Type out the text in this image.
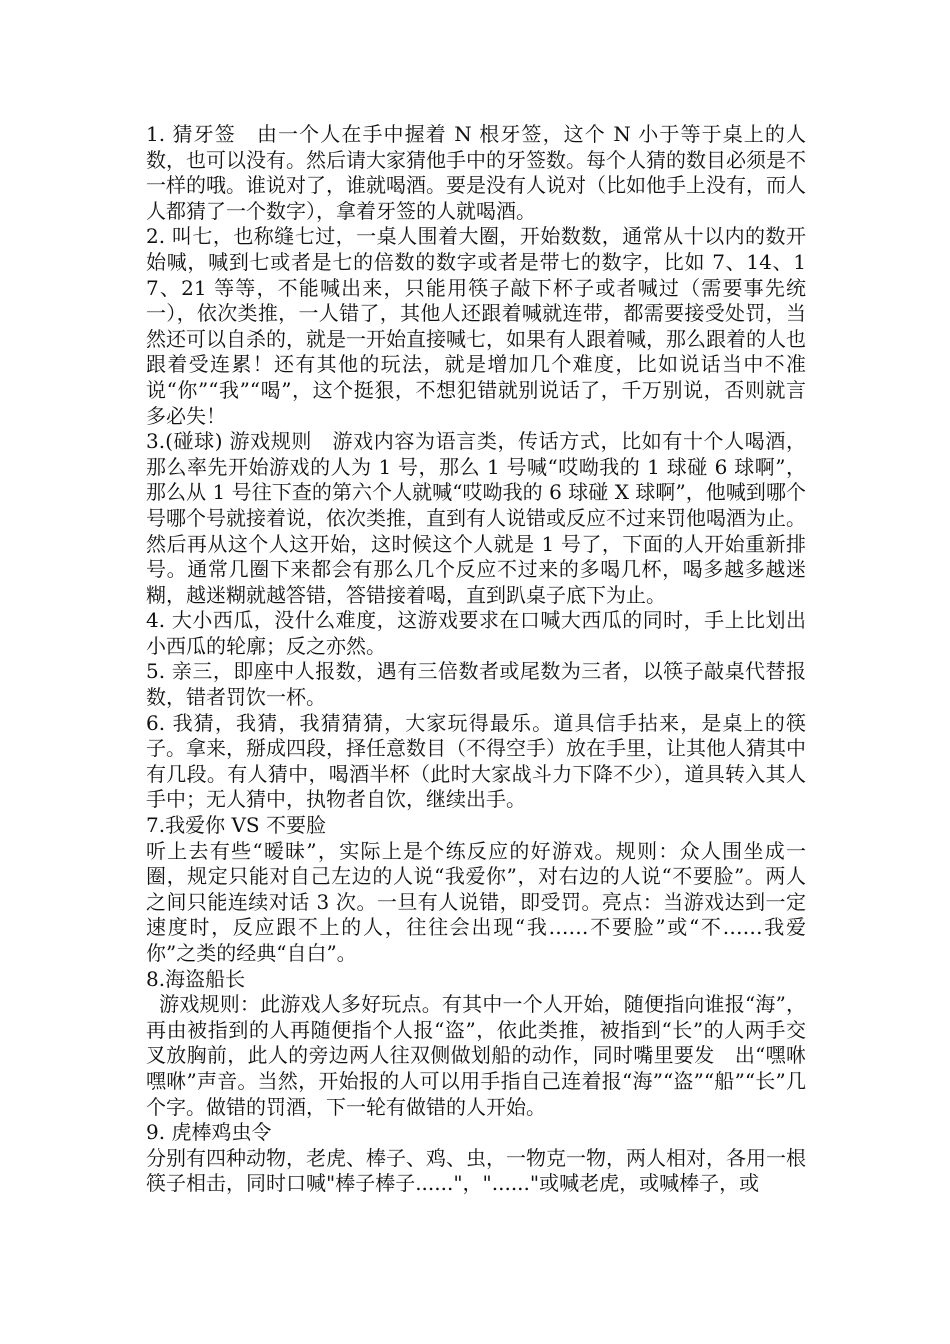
1. 猜牙签　由一个人在手中握着 N 根牙签，这个 N 小于等于桌上的人数，也可以没有。然后请大家猜他手中的牙签数。每个人猜的数目必须是不一样的哦。谁说对了，谁就喝酒。要是没有人说对（比如他手上没有，而人人都猜了一个数字），拿着牙签的人就喝酒。

2. 叫七，也称缝七过，一桌人围着大圈，开始数数，通常从十以内的数开始喊，喊到七或者是七的倍数的数字或者是带七的数字，比如 7、14、17、21 等等，不能喊出来，只能用筷子敲下杯子或者喊过（需要事先统一），依次类推，一人错了，其他人还跟着喊就连带，都需要接受处罚，当然还可以自杀的，就是一开始直接喊七，如果有人跟着喊，那么跟着的人也跟着受连累！还有其他的玩法，就是增加几个难度，比如说话当中不准说“你”“我”“喝”，这个挺狠，不想犯错就别说话了，千万别说，否则就言多必失！

3.(碰球) 游戏规则　游戏内容为语言类，传话方式，比如有十个人喝酒，那么率先开始游戏的人为 1 号，那么 1 号喊“哎呦我的 1 球碰 6 球啊”，那么从 1 号往下查的第六个人就喊“哎呦我的 6 球碰 X 球啊”，他喊到哪个号哪个号就接着说，依次类推，直到有人说错或反应不过来罚他喝酒为止。然后再从这个人这开始，这时候这个人就是 1 号了，下面的人开始重新排号。通常几圈下来都会有那么几个反应不过来的多喝几杯，喝多越多越迷糊，越迷糊就越答错，答错接着喝，直到趴桌子底下为止。

4. 大小西瓜，没什么难度，这游戏要求在口喊大西瓜的同时，手上比划出小西瓜的轮廓；反之亦然。

5. 亲三，即座中人报数，遇有三倍数者或尾数为三者，以筷子敲桌代替报数，错者罚饮一杯。

6. 我猜，我猜，我猜猜猜，大家玩得最乐。道具信手拈来，是桌上的筷子。拿来，掰成四段，择任意数目（不得空手）放在手里，让其他人猜其中有几段。有人猜中，喝酒半杯（此时大家战斗力下降不少），道具转入其人手中；无人猜中，执物者自饮，继续出手。

7.我爱你 VS 不要脸

听上去有些“暧昧”，实际上是个练反应的好游戏。规则：众人围坐成一圈，规定只能对自己左边的人说“我爱你”，对右边的人说“不要脸”。两人之间只能连续对话 3 次。一旦有人说错，即受罚。亮点：当游戏达到一定速度时，反应跟不上的人，往往会出现“我……不要脸”或“不……我爱你”之类的经典“自白”。

8.海盗船长

游戏规则：此游戏人多好玩点。有其中一个人开始，随便指向谁报“海”，再由被指到的人再随便指个人报“盗”，依此类推，被指到“长”的人两手交叉放胸前，此人的旁边两人往双侧做划船的动作，同时嘴里要发　出“嘿咻嘿咻”声音。当然，开始报的人可以用手指自己连着报“海”“盗”“船”“长”几个字。做错的罚酒，下一轮有做错的人开始。

9. 虎棒鸡虫令

分别有四种动物，老虎、棒子、鸡、虫，一物克一物，两人相对，各用一根筷子相击，同时口喊"棒子棒子......"，"......"或喊老虎，或喊棒子，或
